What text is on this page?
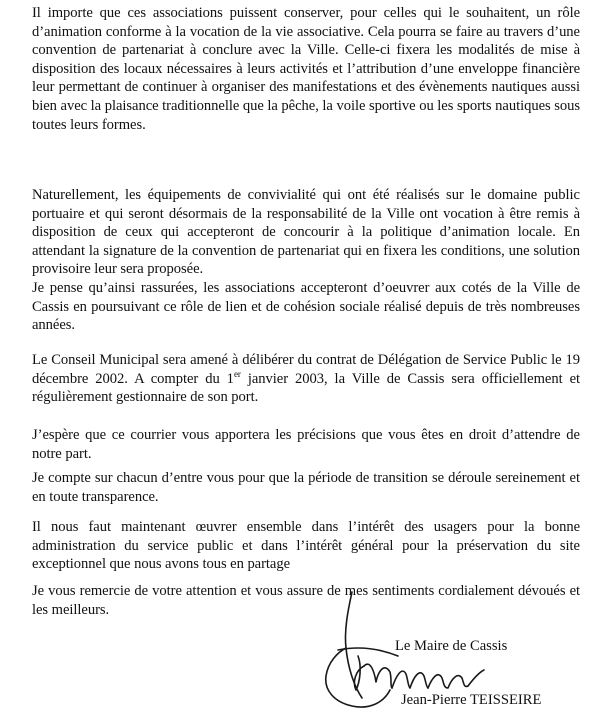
Il importe que ces associations puissent conserver, pour celles qui le souhaitent, un rôle d’animation conforme à la vocation de la vie associative. Cela pourra se faire au travers d’une convention de partenariat à conclure avec la Ville. Celle-ci fixera les modalités de mise à disposition des locaux nécessaires à leurs activités et l’attribution d’une enveloppe financière leur permettant de continuer à organiser des manifestations et des évènements nautiques aussi bien avec la plaisance traditionnelle que la pêche, la voile sportive ou les sports nautiques sous toutes leurs formes.

Naturellement, les équipements de convivialité qui ont été réalisés sur le domaine public portuaire et qui seront désormais de la responsabilité de la Ville ont vocation à être remis à disposition de ceux qui accepteront de concourir à la politique d’animation locale. En attendant la signature de la convention de partenariat qui en fixera les conditions, une solution provisoire leur sera proposée.

Je pense qu’ainsi rassurées, les associations accepteront d’oeuvrer aux cotés de la Ville de Cassis en poursuivant ce rôle de lien et de cohésion sociale réalisé depuis de très nombreuses années.

Le Conseil Municipal sera amené à délibérer du contrat de Délégation de Service Public le 19 décembre 2002. A compter du 1er janvier 2003, la Ville de Cassis sera officiellement et régulièrement gestionnaire de son port.

J’espère que ce courrier vous apportera les précisions que vous êtes en droit d’attendre de notre part.

Je compte sur chacun d’entre vous pour que la période de transition se déroule sereinement et en toute transparence.

Il nous faut maintenant œuvrer ensemble dans l’intérêt des usagers pour la bonne administration du service public et dans l’intérêt général pour la préservation du site exceptionnel que nous avons tous en partage

Je vous remercie de votre attention et vous assure de mes sentiments cordialement dévoués et les meilleurs.

Le Maire de Cassis
Jean-Pierre TEISSEIRE
